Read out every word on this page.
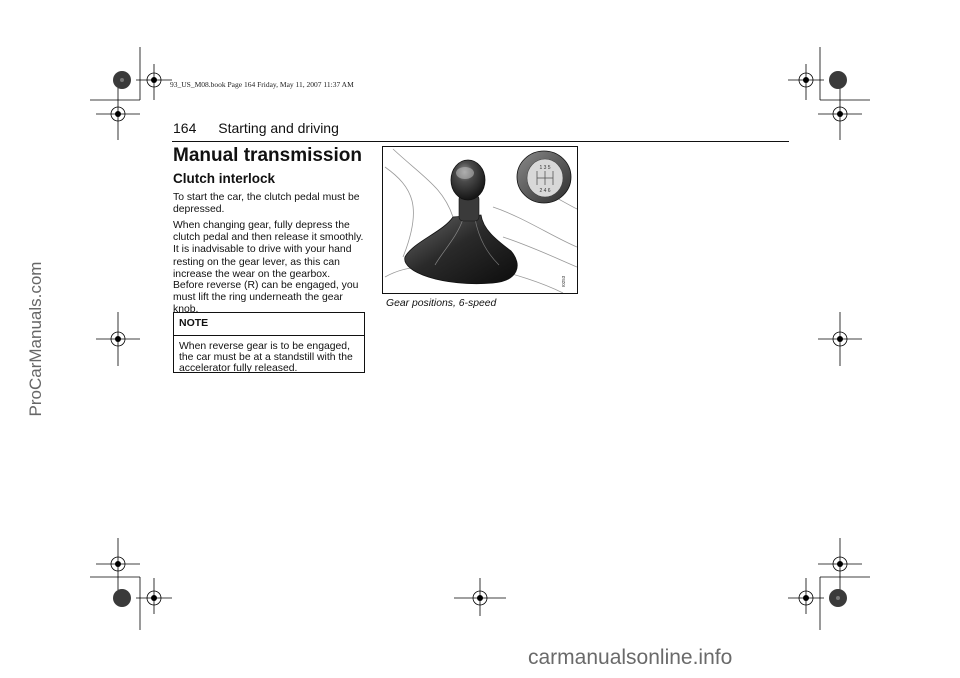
93_US_M08.book Page 164 Friday, May 11, 2007 11:37 AM
164 Starting and driving
Manual transmission
Clutch interlock

To start the car, the clutch pedal must be depressed.

When changing gear, fully depress the clutch pedal and then release it smoothly. It is inadvisable to drive with your hand resting on the gear lever, as this can increase the wear on the gearbox.

Before reverse (R) can be engaged, you must lift the ring underneath the gear knob.

NOTE

When reverse gear is to be engaged, the car must be at a standstill with the accelerator fully released.

1 3 5
2 4 6
I0253
Gear positions, 6-speed
ProCarManuals.com
carmanualsonline.info
